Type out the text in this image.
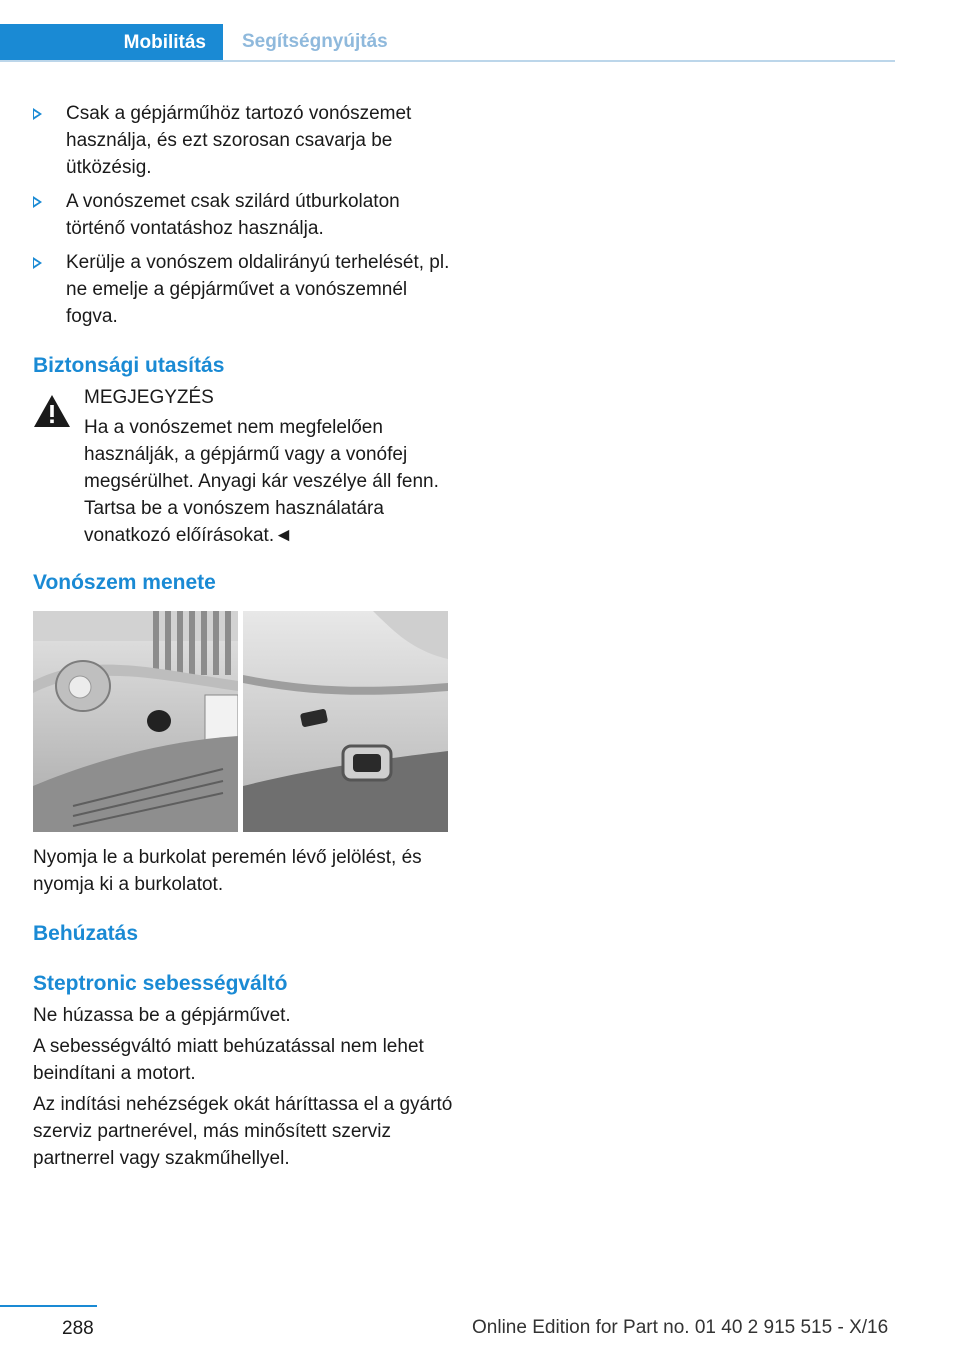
Mobilitás	Segítségnyújtás
Csak a gépjárműhöz tartozó vonószemet használja, és ezt szorosan csavarja be ütközésig.
A vonószemet csak szilárd útburkolaton történő vontatáshoz használja.
Kerülje a vonószem oldalirányú terhelését, pl. ne emelje a gépjárművet a vonószemnél fogva.
Biztonsági utasítás

MEGJEGYZÉS

Ha a vonószemet nem megfelelően használják, a gépjármű vagy a vonófej megsérülhet. Anyagi kár veszélye áll fenn. Tartsa be a vonószem használatára vonatkozó előírásokat.◄

Vonószem menete

Nyomja le a burkolat peremén lévő jelölést, és nyomja ki a burkolatot.

Behúzatás
Steptronic sebességváltó

Ne húzassa be a gépjárművet.

A sebességváltó miatt behúzatással nem lehet beindítani a motort.

Az indítási nehézségek okát háríttassa el a gyártó szerviz partnerével, más minősített szerviz partnerrel vagy szakműhellyel.

288	Online Edition for Part no. 01 40 2 915 515 - X/16
